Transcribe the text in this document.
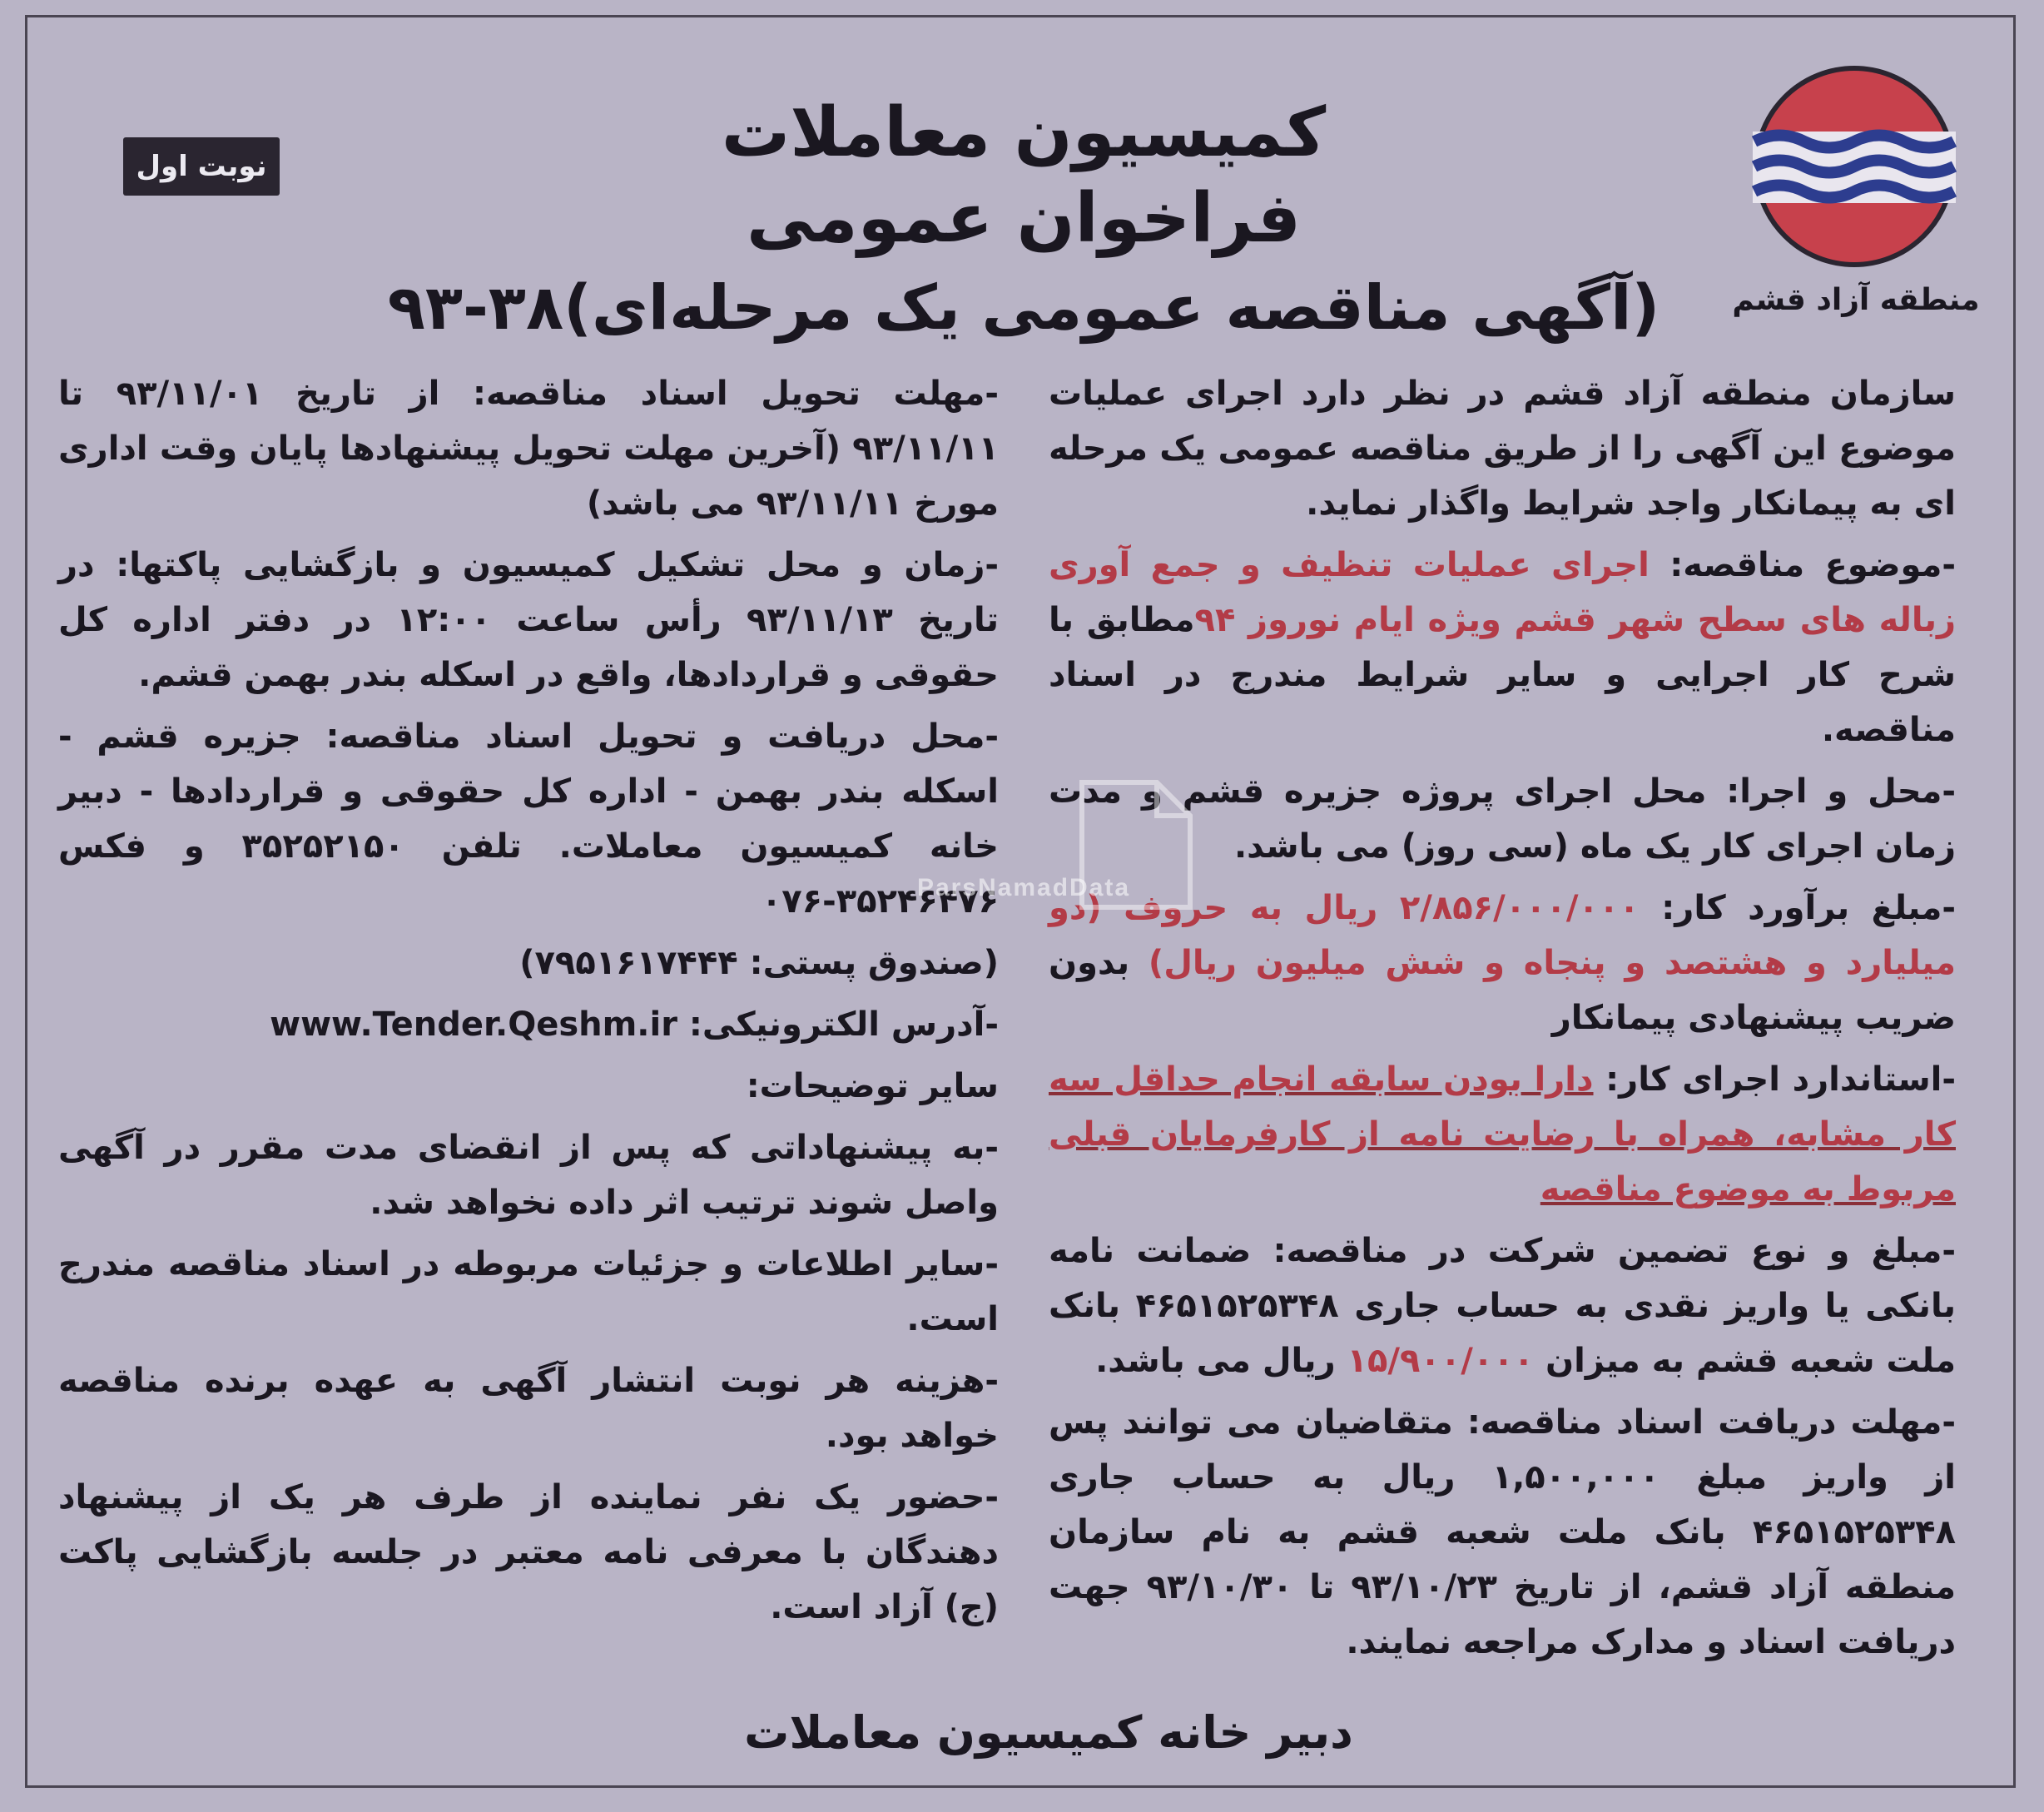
نوبت اول	کمیسیون معاملات
فراخوان عمومی
(آگهی مناقصه عمومی یک مرحله‌ای)۳۸-۹۳	منطقه آزاد قشم

سازمان منطقه آزاد قشم در نظر دارد اجرای عملیات موضوع این آگهی را از طریق مناقصه عمومی یک مرحله ای به پیمانکار واجد شرایط واگذار نماید.

-موضوع مناقصه: اجرای عملیات تنظیف و جمع آوری زباله های سطح شهر قشم ویژه ایام نوروز ۹۴مطابق با شرح کار اجرایی و سایر شرایط مندرج در اسناد مناقصه.

-محل و اجرا: محل اجرای پروژه جزیره قشم و مدت زمان اجرای کار یک ماه (سی روز) می باشد.

-مبلغ برآورد کار: ۲/۸۵۶/۰۰۰/۰۰۰ ریال به حروف (دو میلیارد و هشتصد و پنجاه و شش میلیون ریال) بدون ضریب پیشنهادی پیمانکار

-استاندارد اجرای کار: دارا بودن سابقه انجام حداقل سه کار مشابه، همراه با رضایت نامه از کارفرمایان قبلی مربوط به موضوع مناقصه

-مبلغ و نوع تضمین شرکت در مناقصه: ضمانت نامه بانکی یا واریز نقدی به حساب جاری ۴۶۵۱۵۲۵۳۴۸ بانک ملت شعبه قشم به میزان ۱۵/۹۰۰/۰۰۰ ریال می باشد.

-مهلت دریافت اسناد مناقصه: متقاضیان می توانند پس از واریز مبلغ ۱,۵۰۰,۰۰۰ ریال به حساب جاری ۴۶۵۱۵۲۵۳۴۸ بانک ملت شعبه قشم به نام سازمان منطقه آزاد قشم، از تاریخ ۹۳/۱۰/۲۳ تا ۹۳/۱۰/۳۰ جهت دریافت اسناد و مدارک مراجعه نمایند.

-مهلت تحویل اسناد مناقصه: از تاریخ ۹۳/۱۱/۰۱ تا ۹۳/۱۱/۱۱ (آخرین مهلت تحویل پیشنهادها پایان وقت اداری مورخ ۹۳/۱۱/۱۱ می باشد)

-زمان و محل تشکیل کمیسیون و بازگشایی پاکتها: در تاریخ ۹۳/۱۱/۱۳ رأس ساعت ۱۲:۰۰ در دفتر اداره کل حقوقی و قراردادها، واقع در اسکله بندر بهمن قشم.

-محل دریافت و تحویل اسناد مناقصه: جزیره قشم - اسکله بندر بهمن - اداره کل حقوقی و قراردادها - دبیر خانه کمیسیون معاملات. تلفن ۳۵۲۵۲۱۵۰ و فکس ۳۵۲۴۶۴۷۶-۰۷۶

(صندوق پستی: ۷۹۵۱۶۱۷۴۴۴)

-آدرس الکترونیکی: www.Tender.Qeshm.ir

سایر توضیحات:

-به پیشنهاداتی که پس از انقضای مدت مقرر در آگهی واصل شوند ترتیب اثر داده نخواهد شد.

-سایر اطلاعات و جزئیات مربوطه در اسناد مناقصه مندرج است.

-هزینه هر نوبت انتشار آگهی به عهده برنده مناقصه خواهد بود.

-حضور یک نفر نماینده از طرف هر یک از پیشنهاد دهندگان با معرفی نامه معتبر در جلسه بازگشایی پاکت (ج) آزاد است.

ParsNamadData
دبیر خانه کمیسیون معاملات
